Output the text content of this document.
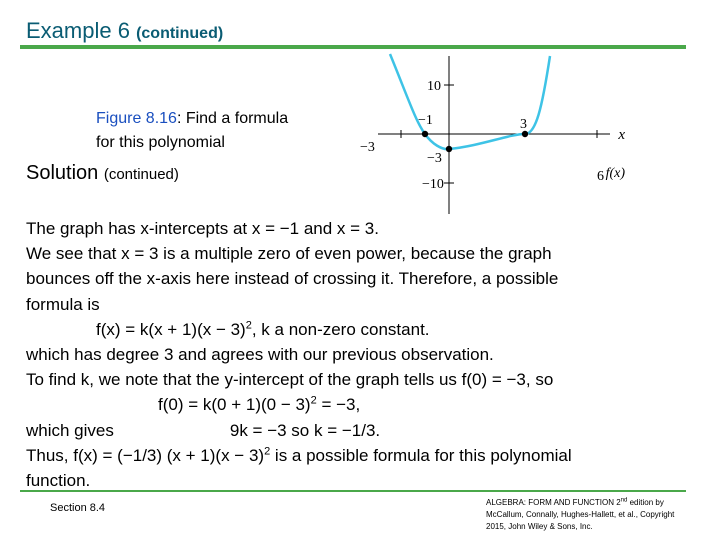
Example 6 (continued)
Figure 8.16: Find a formula
for this polynomial
Solution (continued)
10
−3
−10
−1	3
−3
6
x
f(x)
The graph has x-intercepts at x = −1 and x = 3.
We see that x = 3 is a multiple zero of even power, because the graph
bounces off the x-axis here instead of crossing it. Therefore, a possible
formula is
$f(x) = k(x + 1)(x - 3)^2$, k a non-zero constant.
which has degree 3 and agrees with our previous observation.
To find k, we note that the y-intercept of the graph tells us f(0) = −3, so
$f(0) = k(0 + 1)(0 - 3)^2 = -3$,
which gives	9k = −3 so k = −1/3.
Thus, f(x) = (−1/3) $(x + 1)(x - 3)^2$ is a possible formula for this polynomial
function.
Section 8.4	ALGEBRA: FORM AND FUNCTION 2nd edition by McCallum, Connally, Hughes-Hallett, et al., Copyright 2015, John Wiley & Sons, Inc.
